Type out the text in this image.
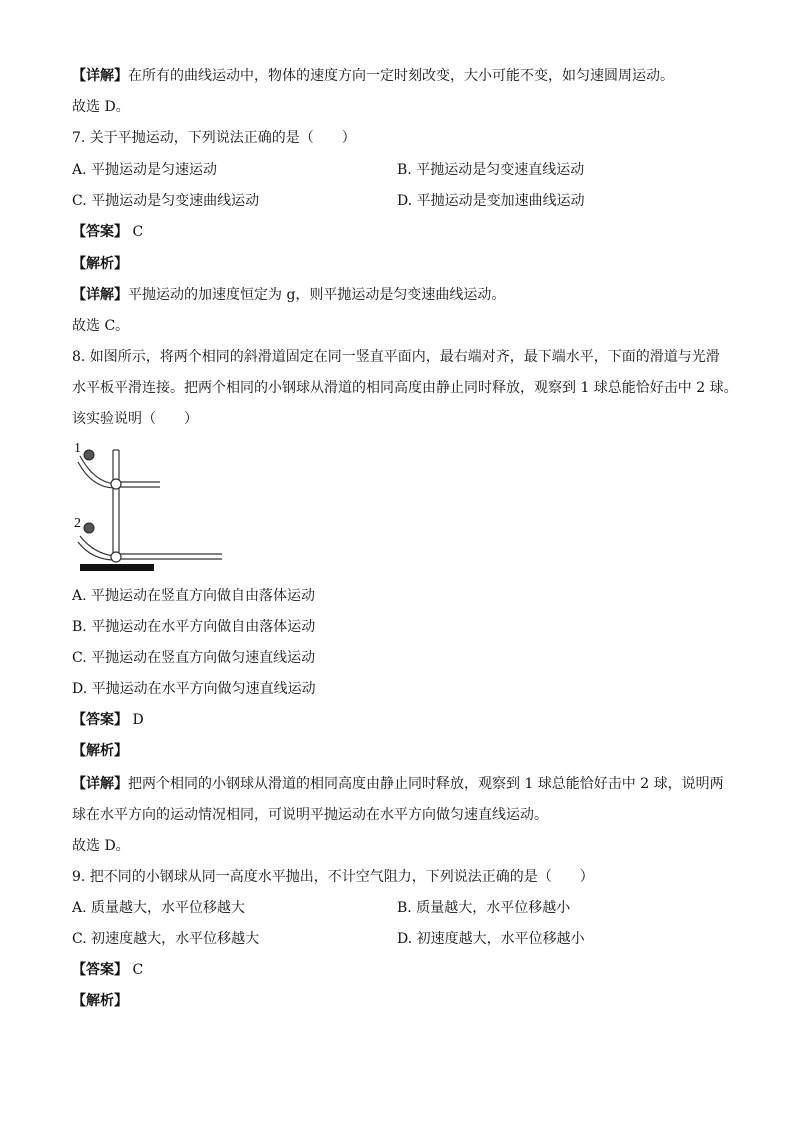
【详解】在所有的曲线运动中，物体的速度方向一定时刻改变，大小可能不变，如匀速圆周运动。
故选 D。
7. 关于平抛运动，下列说法正确的是（　　）
A. 平抛运动是匀速运动	B. 平抛运动是匀变速直线运动
C. 平抛运动是匀变速曲线运动	D. 平抛运动是变加速曲线运动
【答案】 C
【解析】
【详解】平抛运动的加速度恒定为 g，则平抛运动是匀变速曲线运动。
故选 C。
8. 如图所示，将两个相同的斜滑道固定在同一竖直平面内，最右端对齐，最下端水平，下面的滑道与光滑
水平板平滑连接。把两个相同的小钢球从滑道的相同高度由静止同时释放，观察到 1 球总能恰好击中 2 球。
该实验说明（　　）
1
2
A. 平抛运动在竖直方向做自由落体运动
B. 平抛运动在水平方向做自由落体运动
C. 平抛运动在竖直方向做匀速直线运动
D. 平抛运动在水平方向做匀速直线运动
【答案】 D
【解析】
【详解】把两个相同的小钢球从滑道的相同高度由静止同时释放，观察到 1 球总能恰好击中 2 球，说明两
球在水平方向的运动情况相同，可说明平抛运动在水平方向做匀速直线运动。
故选 D。
9. 把不同的小钢球从同一高度水平抛出，不计空气阻力，下列说法正确的是（　　）
A. 质量越大，水平位移越大	B. 质量越大，水平位移越小
C. 初速度越大，水平位移越大	D. 初速度越大，水平位移越小
【答案】 C
【解析】
